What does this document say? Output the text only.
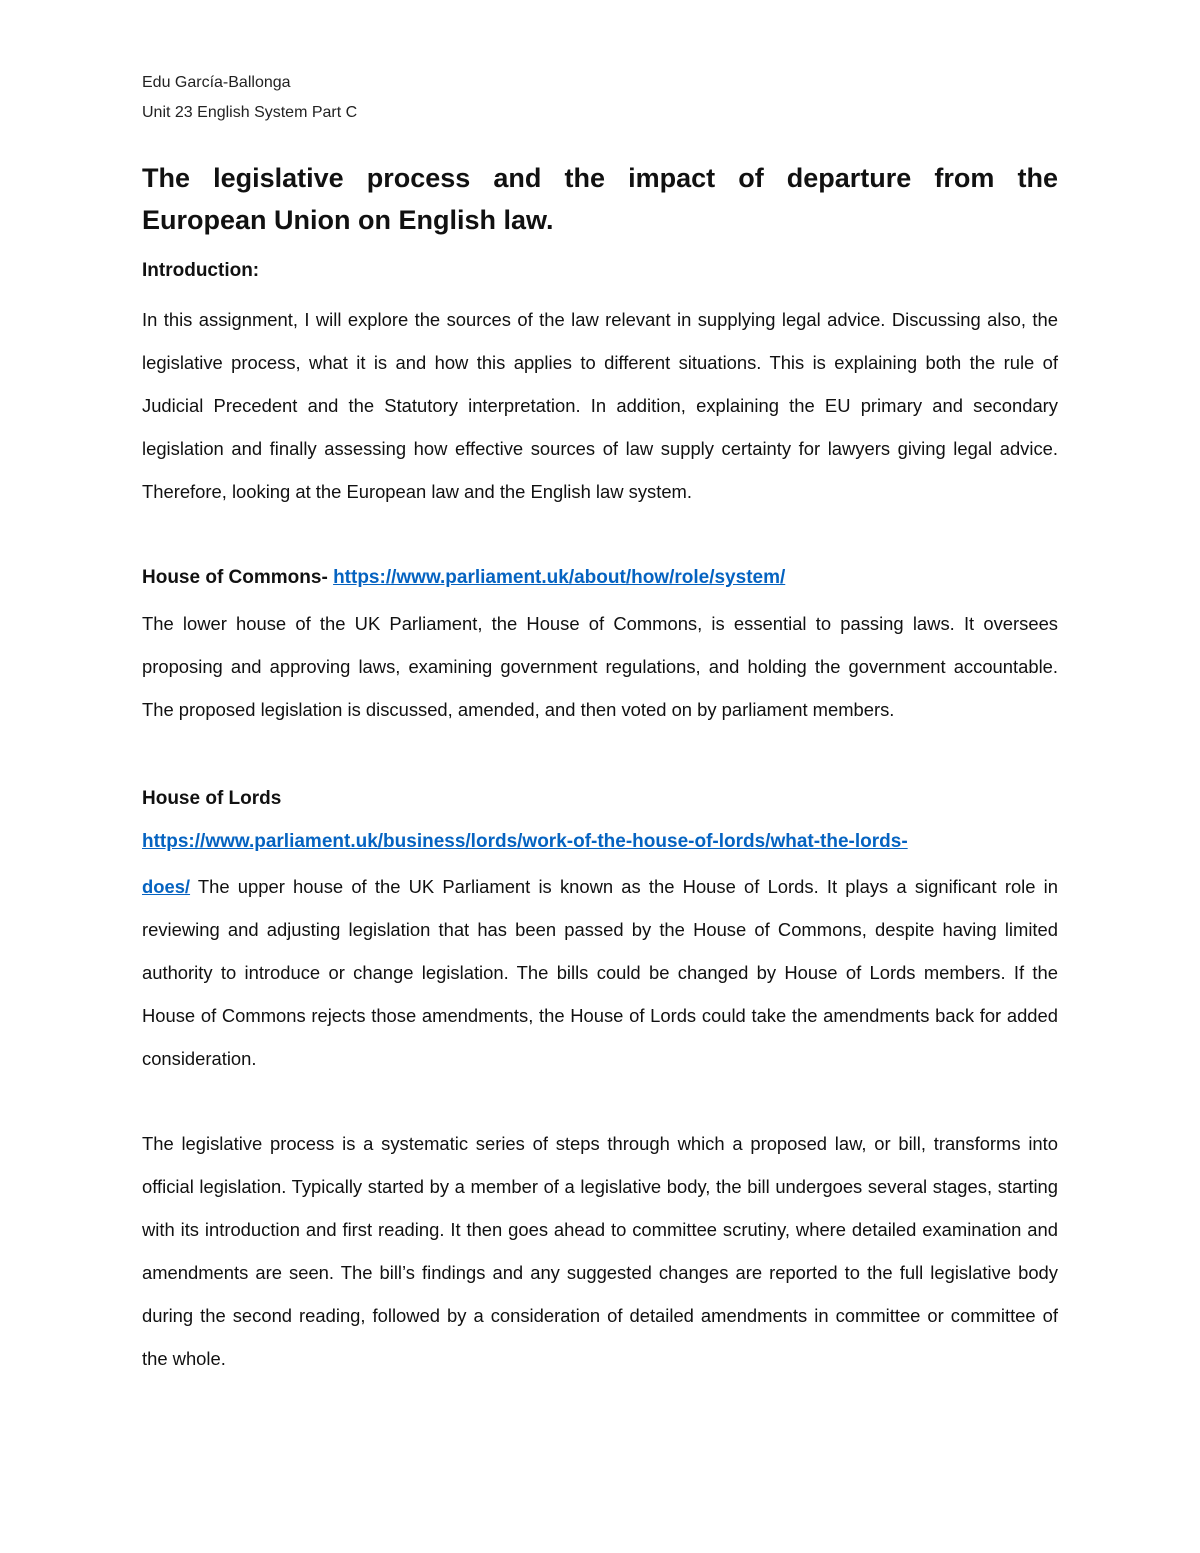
Edu García-Ballonga
Unit 23 English System Part C
The legislative process and the impact of departure from the
European Union on English law.
Introduction:

In this assignment, I will explore the sources of the law relevant in supplying legal advice. Discussing also, the legislative process, what it is and how this applies to different situations. This is explaining both the rule of Judicial Precedent and the Statutory interpretation. In addition, explaining the EU primary and secondary legislation and finally assessing how effective sources of law supply certainty for lawyers giving legal advice. Therefore, looking at the European law and the English law system.

House of Commons- https://www.parliament.uk/about/how/role/system/

The lower house of the UK Parliament, the House of Commons, is essential to passing laws. It oversees proposing and approving laws, examining government regulations, and holding the government accountable. The proposed legislation is discussed, amended, and then voted on by parliament members.

House of Lords
https://www.parliament.uk/business/lords/work-of-the-house-of-lords/what-the-lords-

does/ The upper house of the UK Parliament is known as the House of Lords. It plays a significant role in reviewing and adjusting legislation that has been passed by the House of Commons, despite having limited authority to introduce or change legislation. The bills could be changed by House of Lords members. If the House of Commons rejects those amendments, the House of Lords could take the amendments back for added consideration.

The legislative process is a systematic series of steps through which a proposed law, or bill, transforms into official legislation. Typically started by a member of a legislative body, the bill undergoes several stages, starting with its introduction and first reading. It then goes ahead to committee scrutiny, where detailed examination and amendments are seen. The bill’s findings and any suggested changes are reported to the full legislative body during the second reading, followed by a consideration of detailed amendments in committee or committee of the whole.
